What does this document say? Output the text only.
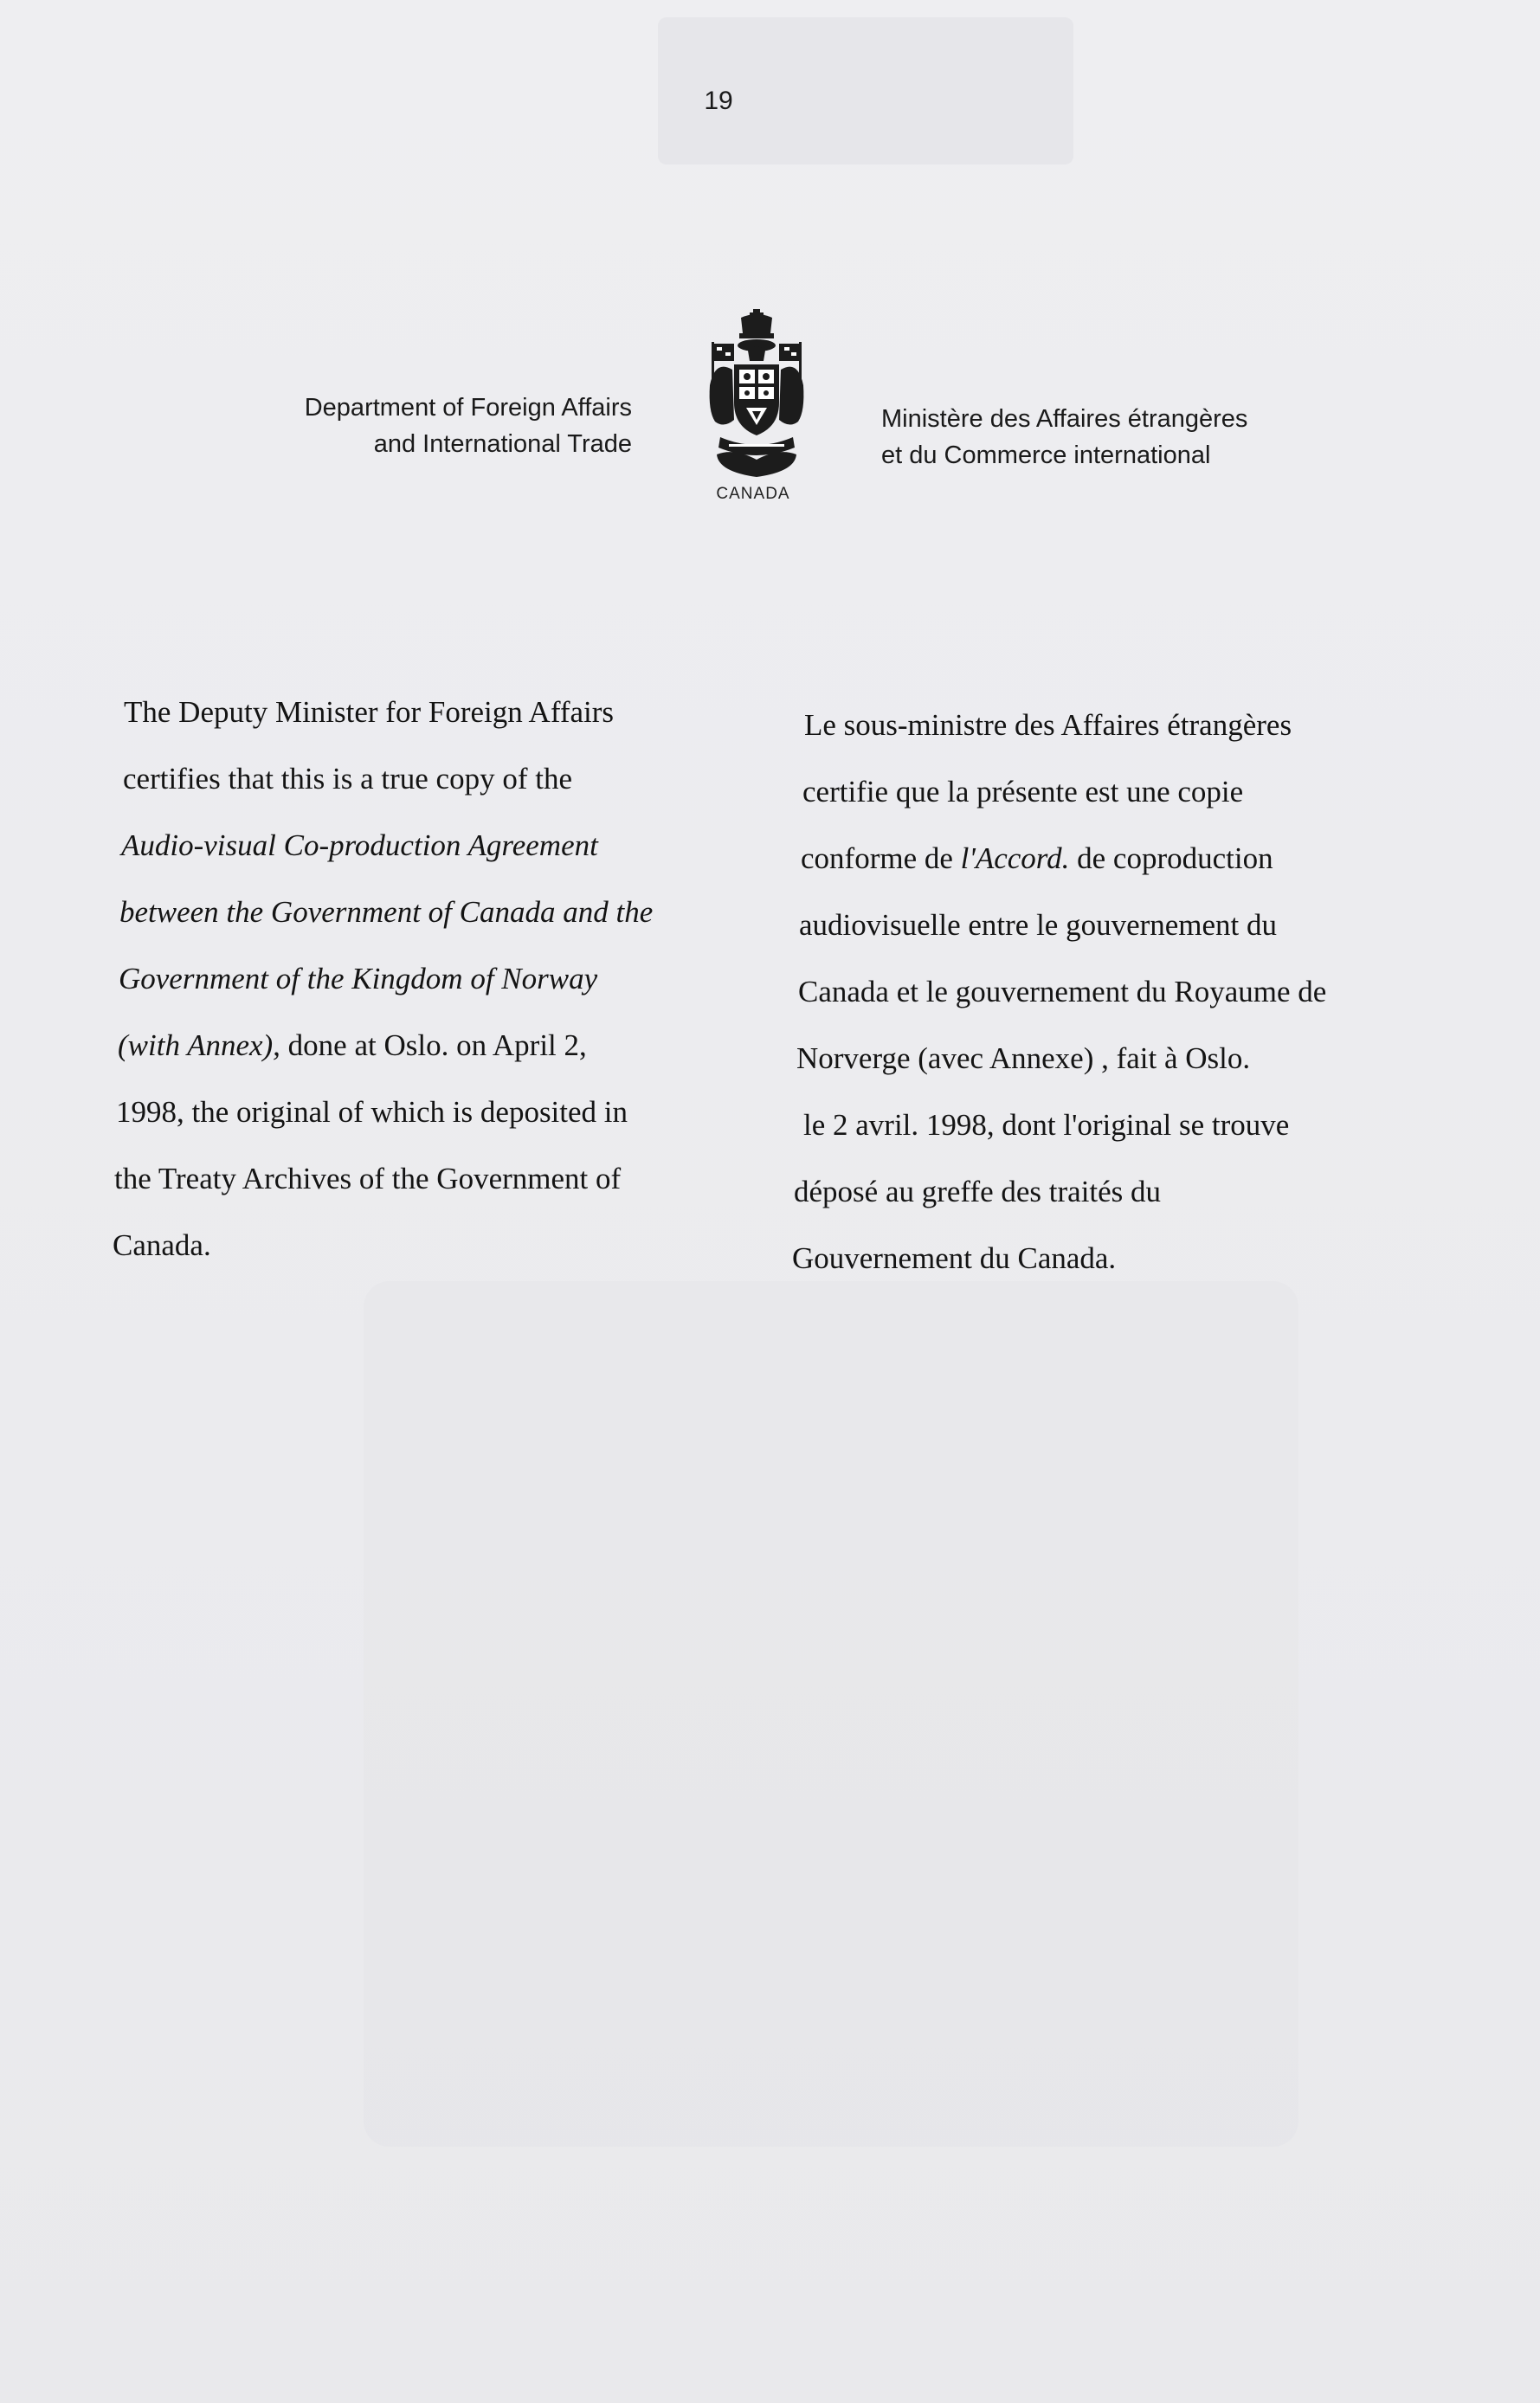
19
Department of Foreign Affairs
and International Trade
CANADA
Ministère des Affaires étrangères
et du Commerce international
The Deputy Minister for Foreign Affairs
certifies that this is a true copy of the
Audio-visual Co-production Agreement
between the Government of Canada and the
Government of the Kingdom of Norway
(with Annex), done at Oslo. on April 2,
1998, the original of which is deposited in
the Treaty Archives of the Government of
Canada.
Le sous-ministre des Affaires étrangères
certifie que la présente est une copie
conforme de l'Accord. de coproduction
audiovisuelle entre le gouvernement du
Canada et le gouvernement du Royaume de
Norverge (avec Annexe) , fait à Oslo.
le 2 avril. 1998, dont l'original se trouve
déposé au greffe des traités du
Gouvernement du Canada.
